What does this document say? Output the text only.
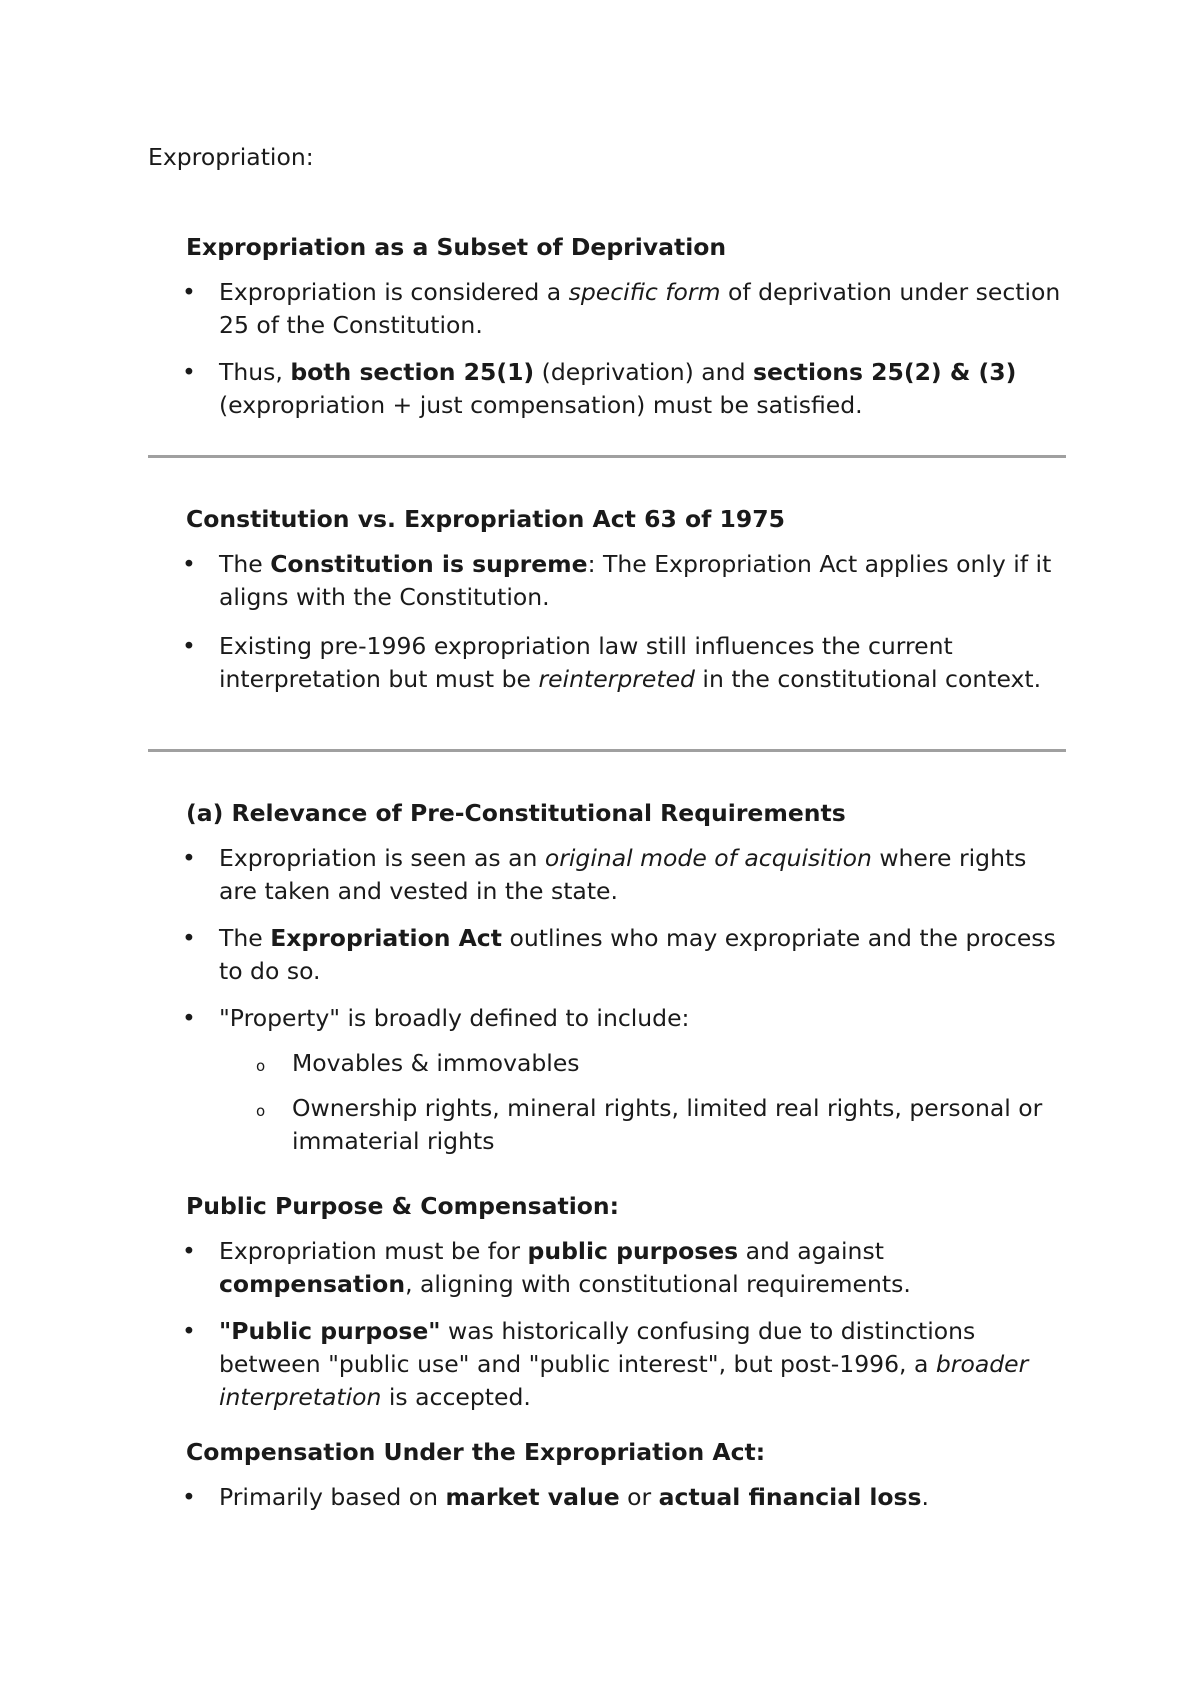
Expropriation:
Expropriation as a Subset of Deprivation
• Expropriation is considered a specific form of deprivation under section 25 of the Constitution.
• Thus, both section 25(1) (deprivation) and sections 25(2) & (3) (expropriation + just compensation) must be satisfied.
Constitution vs. Expropriation Act 63 of 1975
• The Constitution is supreme: The Expropriation Act applies only if it aligns with the Constitution.
• Existing pre-1996 expropriation law still influences the current interpretation but must be reinterpreted in the constitutional context.
(a) Relevance of Pre-Constitutional Requirements
• Expropriation is seen as an original mode of acquisition where rights are taken and vested in the state.
• The Expropriation Act outlines who may expropriate and the process to do so.
• "Property" is broadly defined to include:
o Movables & immovables
o Ownership rights, mineral rights, limited real rights, personal or immaterial rights
Public Purpose & Compensation:
• Expropriation must be for public purposes and against compensation, aligning with constitutional requirements.
• "Public purpose" was historically confusing due to distinctions between "public use" and "public interest", but post-1996, a broader interpretation is accepted.
Compensation Under the Expropriation Act:
• Primarily based on market value or actual financial loss.
